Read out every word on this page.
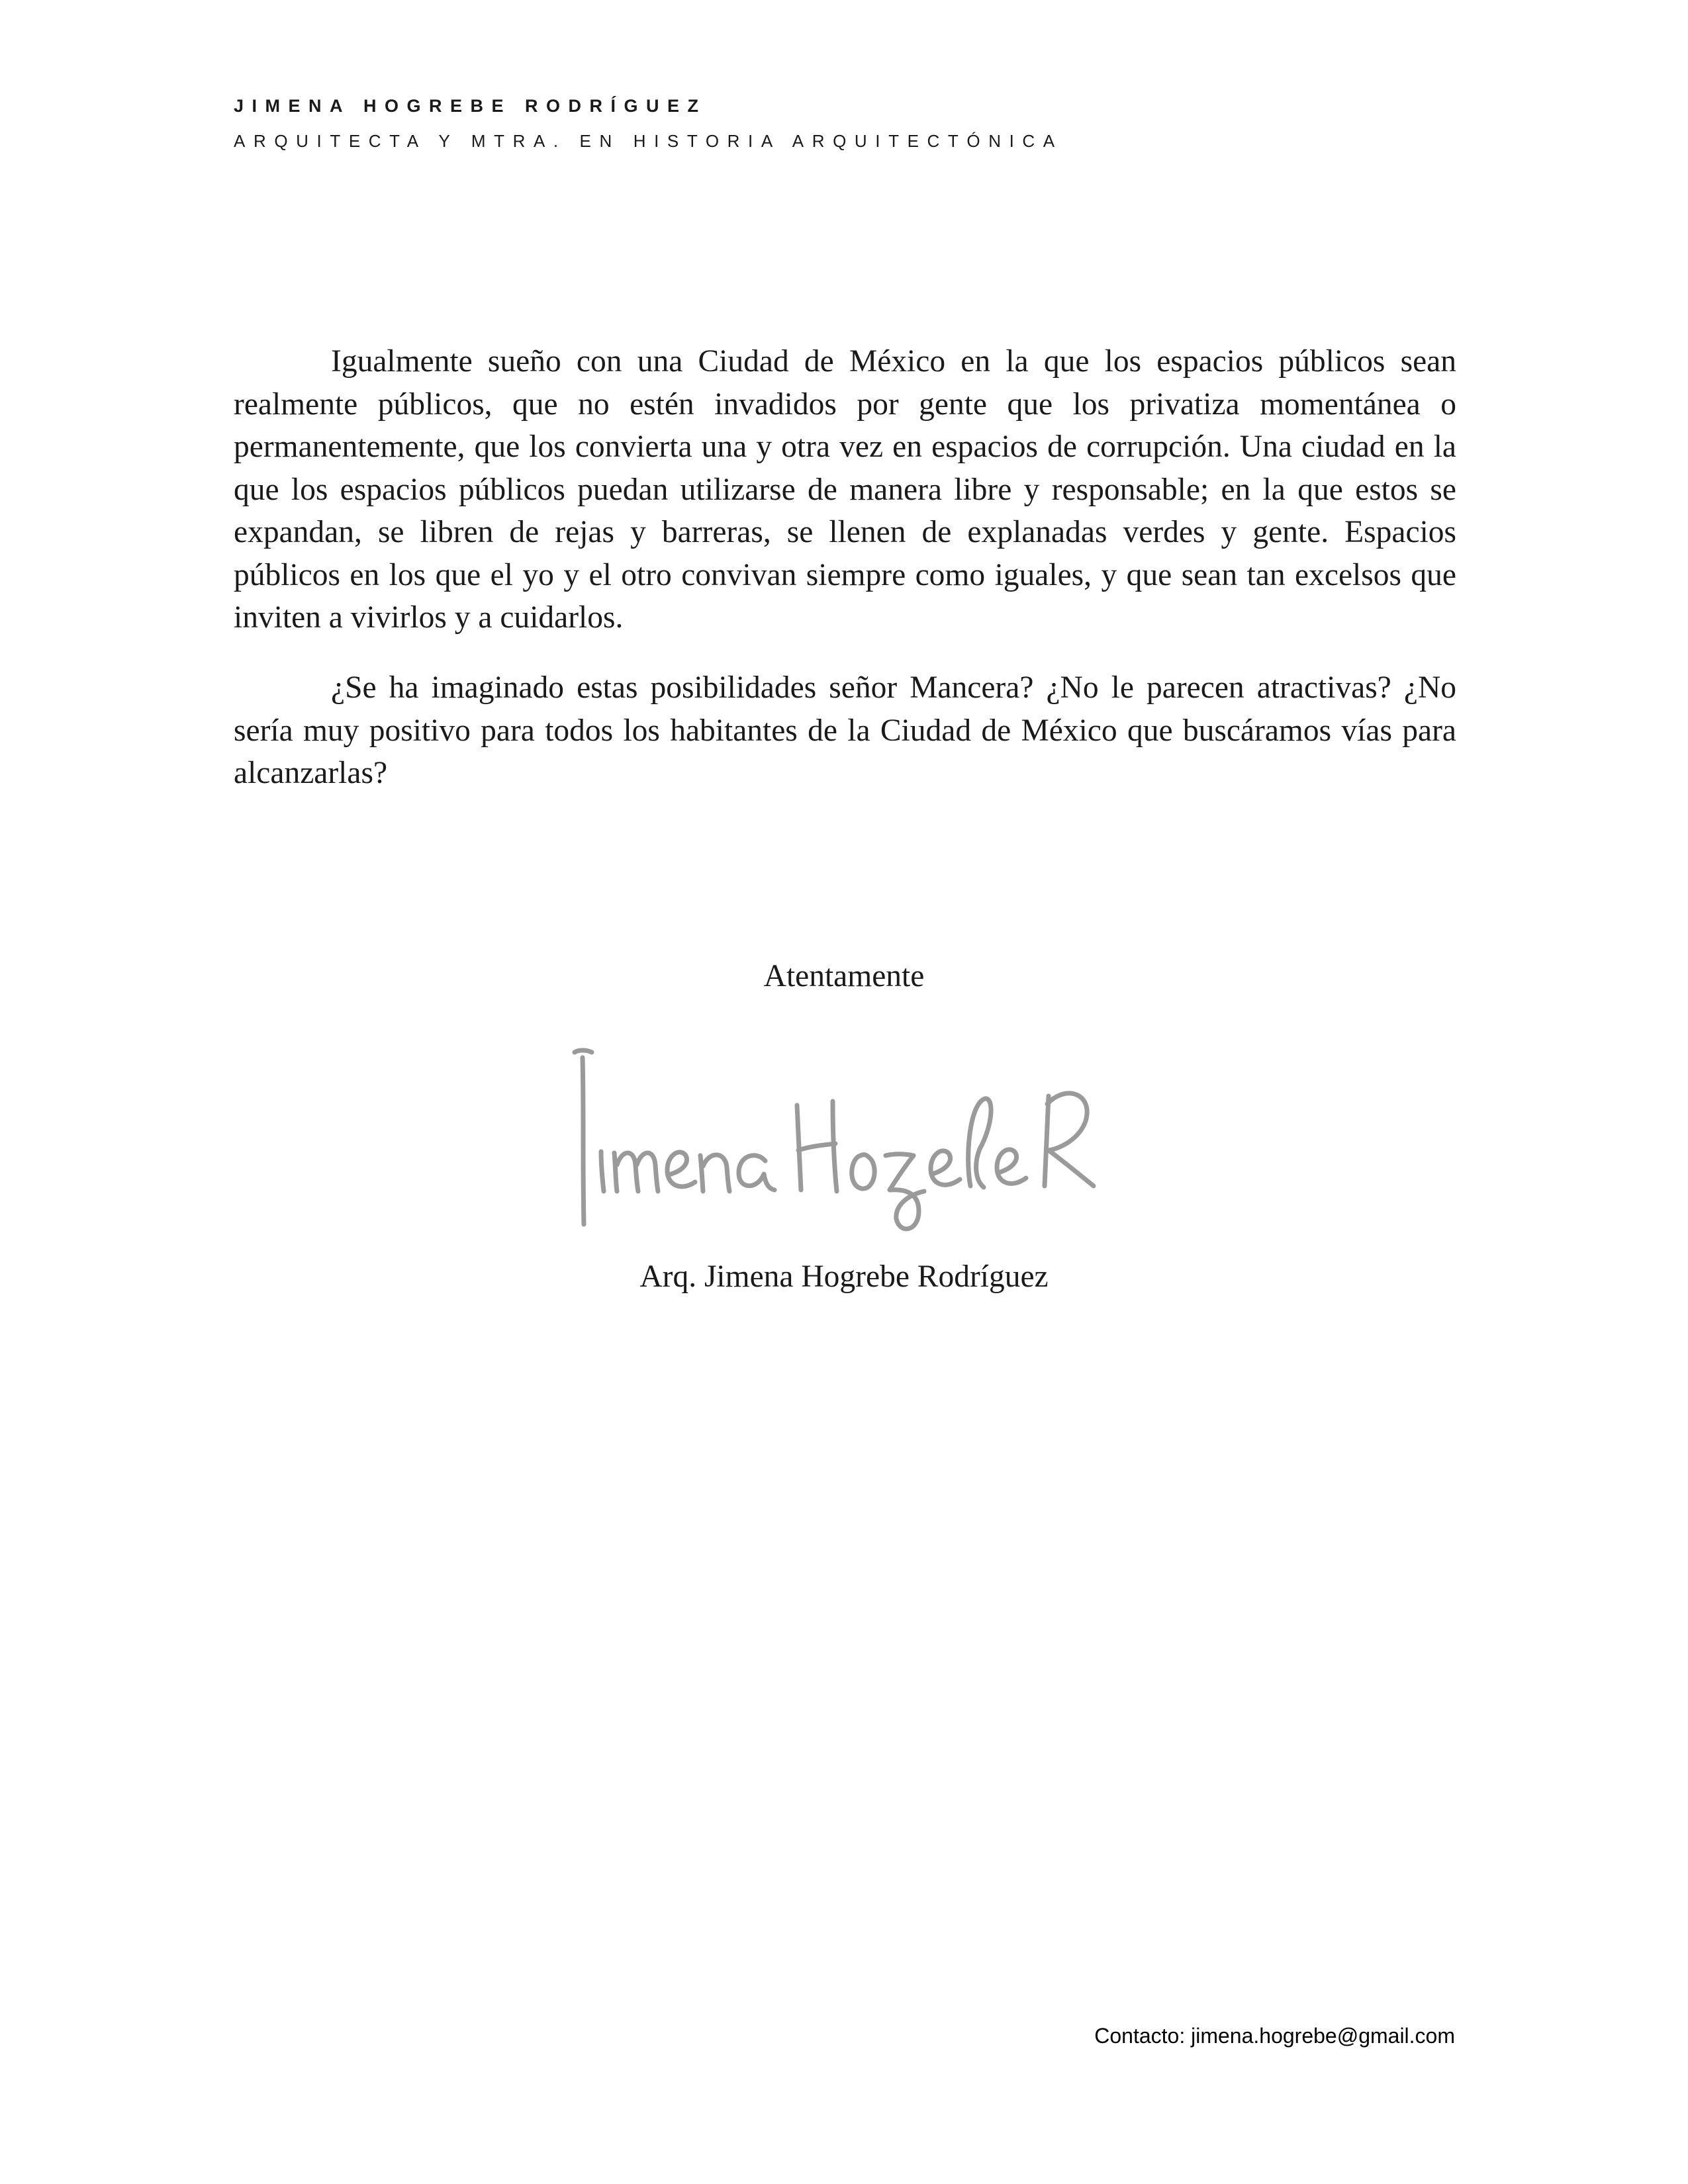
JIMENA HOGREBE RODRÍGUEZ
ARQUITECTA Y MTRA. EN HISTORIA ARQUITECTÓNICA

Igualmente sueño con una Ciudad de México en la que los espacios públicos sean realmente públicos, que no estén invadidos por gente que los privatiza momentánea o permanentemente, que los convierta una y otra vez en espacios de corrupción. Una ciudad en la que los espacios públicos puedan utilizarse de manera libre y responsable; en la que estos se expandan, se libren de rejas y barreras, se llenen de explanadas verdes y gente. Espacios públicos en los que el yo y el otro convivan siempre como iguales, y que sean tan excelsos que inviten a vivirlos y a cuidarlos.

¿Se ha imaginado estas posibilidades señor Mancera? ¿No le parecen atractivas? ¿No sería muy positivo para todos los habitantes de la Ciudad de México que buscáramos vías para alcanzarlas?

Atentamente

Arq. Jimena Hogrebe Rodríguez

Contacto: jimena.hogrebe@gmail.com
